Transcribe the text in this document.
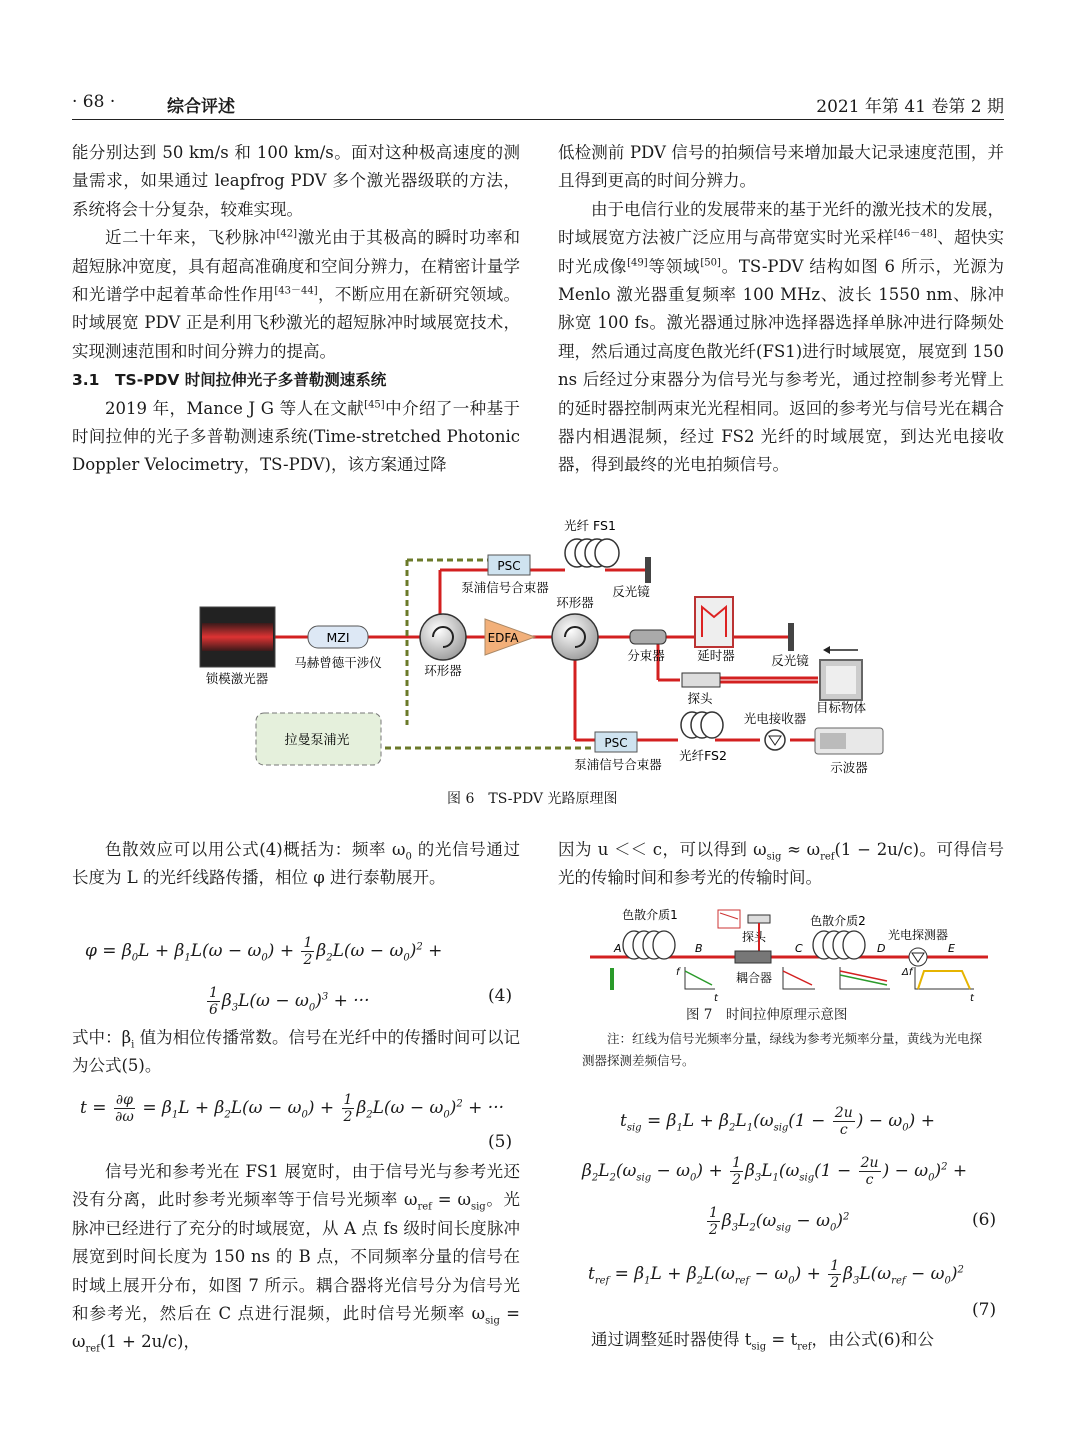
· 68 ·	综合评述	2021 年第 41 卷第 2 期

能分别达到 50 km/s 和 100 km/s。面对这种极高速度的测量需求，如果通过 leapfrog PDV 多个激光器级联的方法，系统将会十分复杂，较难实现。

近二十年来，飞秒脉冲[42]激光由于其极高的瞬时功率和超短脉冲宽度，具有超高准确度和空间分辨力，在精密计量学和光谱学中起着革命性作用[43－44]，不断应用在新研究领域。时域展宽 PDV 正是利用飞秒激光的超短脉冲时域展宽技术，实现测速范围和时间分辨力的提高。

3.1　TS-PDV 时间拉伸光子多普勒测速系统

2019 年，Mance J G 等人在文献[45]中介绍了一种基于时间拉伸的光子多普勒测速系统(Time-stretched Photonic Doppler Velocimetry，TS-PDV)，该方案通过降

低检测前 PDV 信号的拍频信号来增加最大记录速度范围，并且得到更高的时间分辨力。

由于电信行业的发展带来的基于光纤的激光技术的发展，时域展宽方法被广泛应用与高带宽实时光采样[46－48]、超快实时光成像[49]等领域[50]。TS-PDV 结构如图 6 所示，光源为 Menlo 激光器重复频率 100 MHz、波长 1550 nm、脉冲脉宽 100 fs。激光器通过脉冲选择器选择单脉冲进行降频处理，然后通过高度色散光纤(FS1)进行时域展宽，展宽到 150 ns 后经过分束器分为信号光与参考光，通过控制参考光臂上的延时器控制两束光光程相同。返回的参考光与信号光在耦合器内相遇混频，经过 FS2 光纤的时域展宽，到达光电接收器，得到最终的光电拍频信号。

锁模激光器
MZI
马赫曾德干涉仪
环形器
EDFA
环形器
PSC
泵浦信号合束器
光纤 FS1
反光镜
分束器	延时器	反光镜
探头
目标物体
拉曼泵浦光	PSC
泵浦信号合束器
光纤FS2
光电接收器
示波器
图 6　TS-PDV 光路原理图

色散效应可以用公式(4)概括为：频率 $\omega_0$ 的光信号通过长度为 L 的光纤线路传播，相位 φ 进行泰勒展开。

$\varphi = \beta_0L + \beta_1L(\omega - \omega_0) + \frac{1}{2} \beta_2L(\omega - \omega_0)^2$ +
$\frac{1}{6} \beta_3L(\omega - \omega_0)^3$ + ···	(4)

式中：$\beta_i$ 值为相位传播常数。信号在光纤中的传播时间可以记为公式(5)。

$t = \frac{\partial\varphi}{\partial\omega} = \beta_1L + \beta_2L(\omega - \omega_0) + \frac{1}{2} \beta_2L(\omega - \omega_0)^2$ + ···
(5)

信号光和参考光在 FS1 展宽时，由于信号光与参考光还没有分离，此时参考光频率等于信号光频率 $\omega_{ref} = \omega_{sig}$。光脉冲已经进行了充分的时域展宽，从 A 点 fs 级时间长度脉冲展宽到时间长度为 150 ns 的 B 点，不同频率分量的信号在时域上展开分布，如图 7 所示。耦合器将光信号分为信号光和参考光，然后在 C 点进行混频，此时信号光频率 $\omega_{sig} = \omega_{ref}(1 + 2u/c)$，

因为 u ＜＜ c，可以得到 $\omega_{sig} \approx \omega_{ref}(1 - 2u/c)$。可得信号光的传输时间和参考光的传输时间。

色散介质1
探头
耦合器
色散介质2
光电探测器
A	B	C	D	E
f
t
Δf
t
图 7　时间拉伸原理示意图
注：红线为信号光频率分量，绿线为参考光频率分量，黄线为光电探测器探测差频信号。
$t_{sig} = \beta_1L + \beta_2L_1(\omega_{sig}(1 - \frac{2u}{c}$ ) − $\omega_0$) +
$\beta_2L_2(\omega_{sig} - \omega_0) + \frac{1}{2} \beta_3L_1(\omega_{sig}(1 - \frac{2u}{c}$ ) − $\omega_0)^2$ +
$\frac{1}{2} \beta_3L_2(\omega_{sig} - \omega_0)^2$	(6)
$t_{ref} = \beta_1L + \beta_2L(\omega_{ref} - \omega_0) + \frac{1}{2} \beta_3L(\omega_{ref} - \omega_0)^2$
(7)

通过调整延时器使得 $t_{sig} = t_{ref}$，由公式(6)和公
